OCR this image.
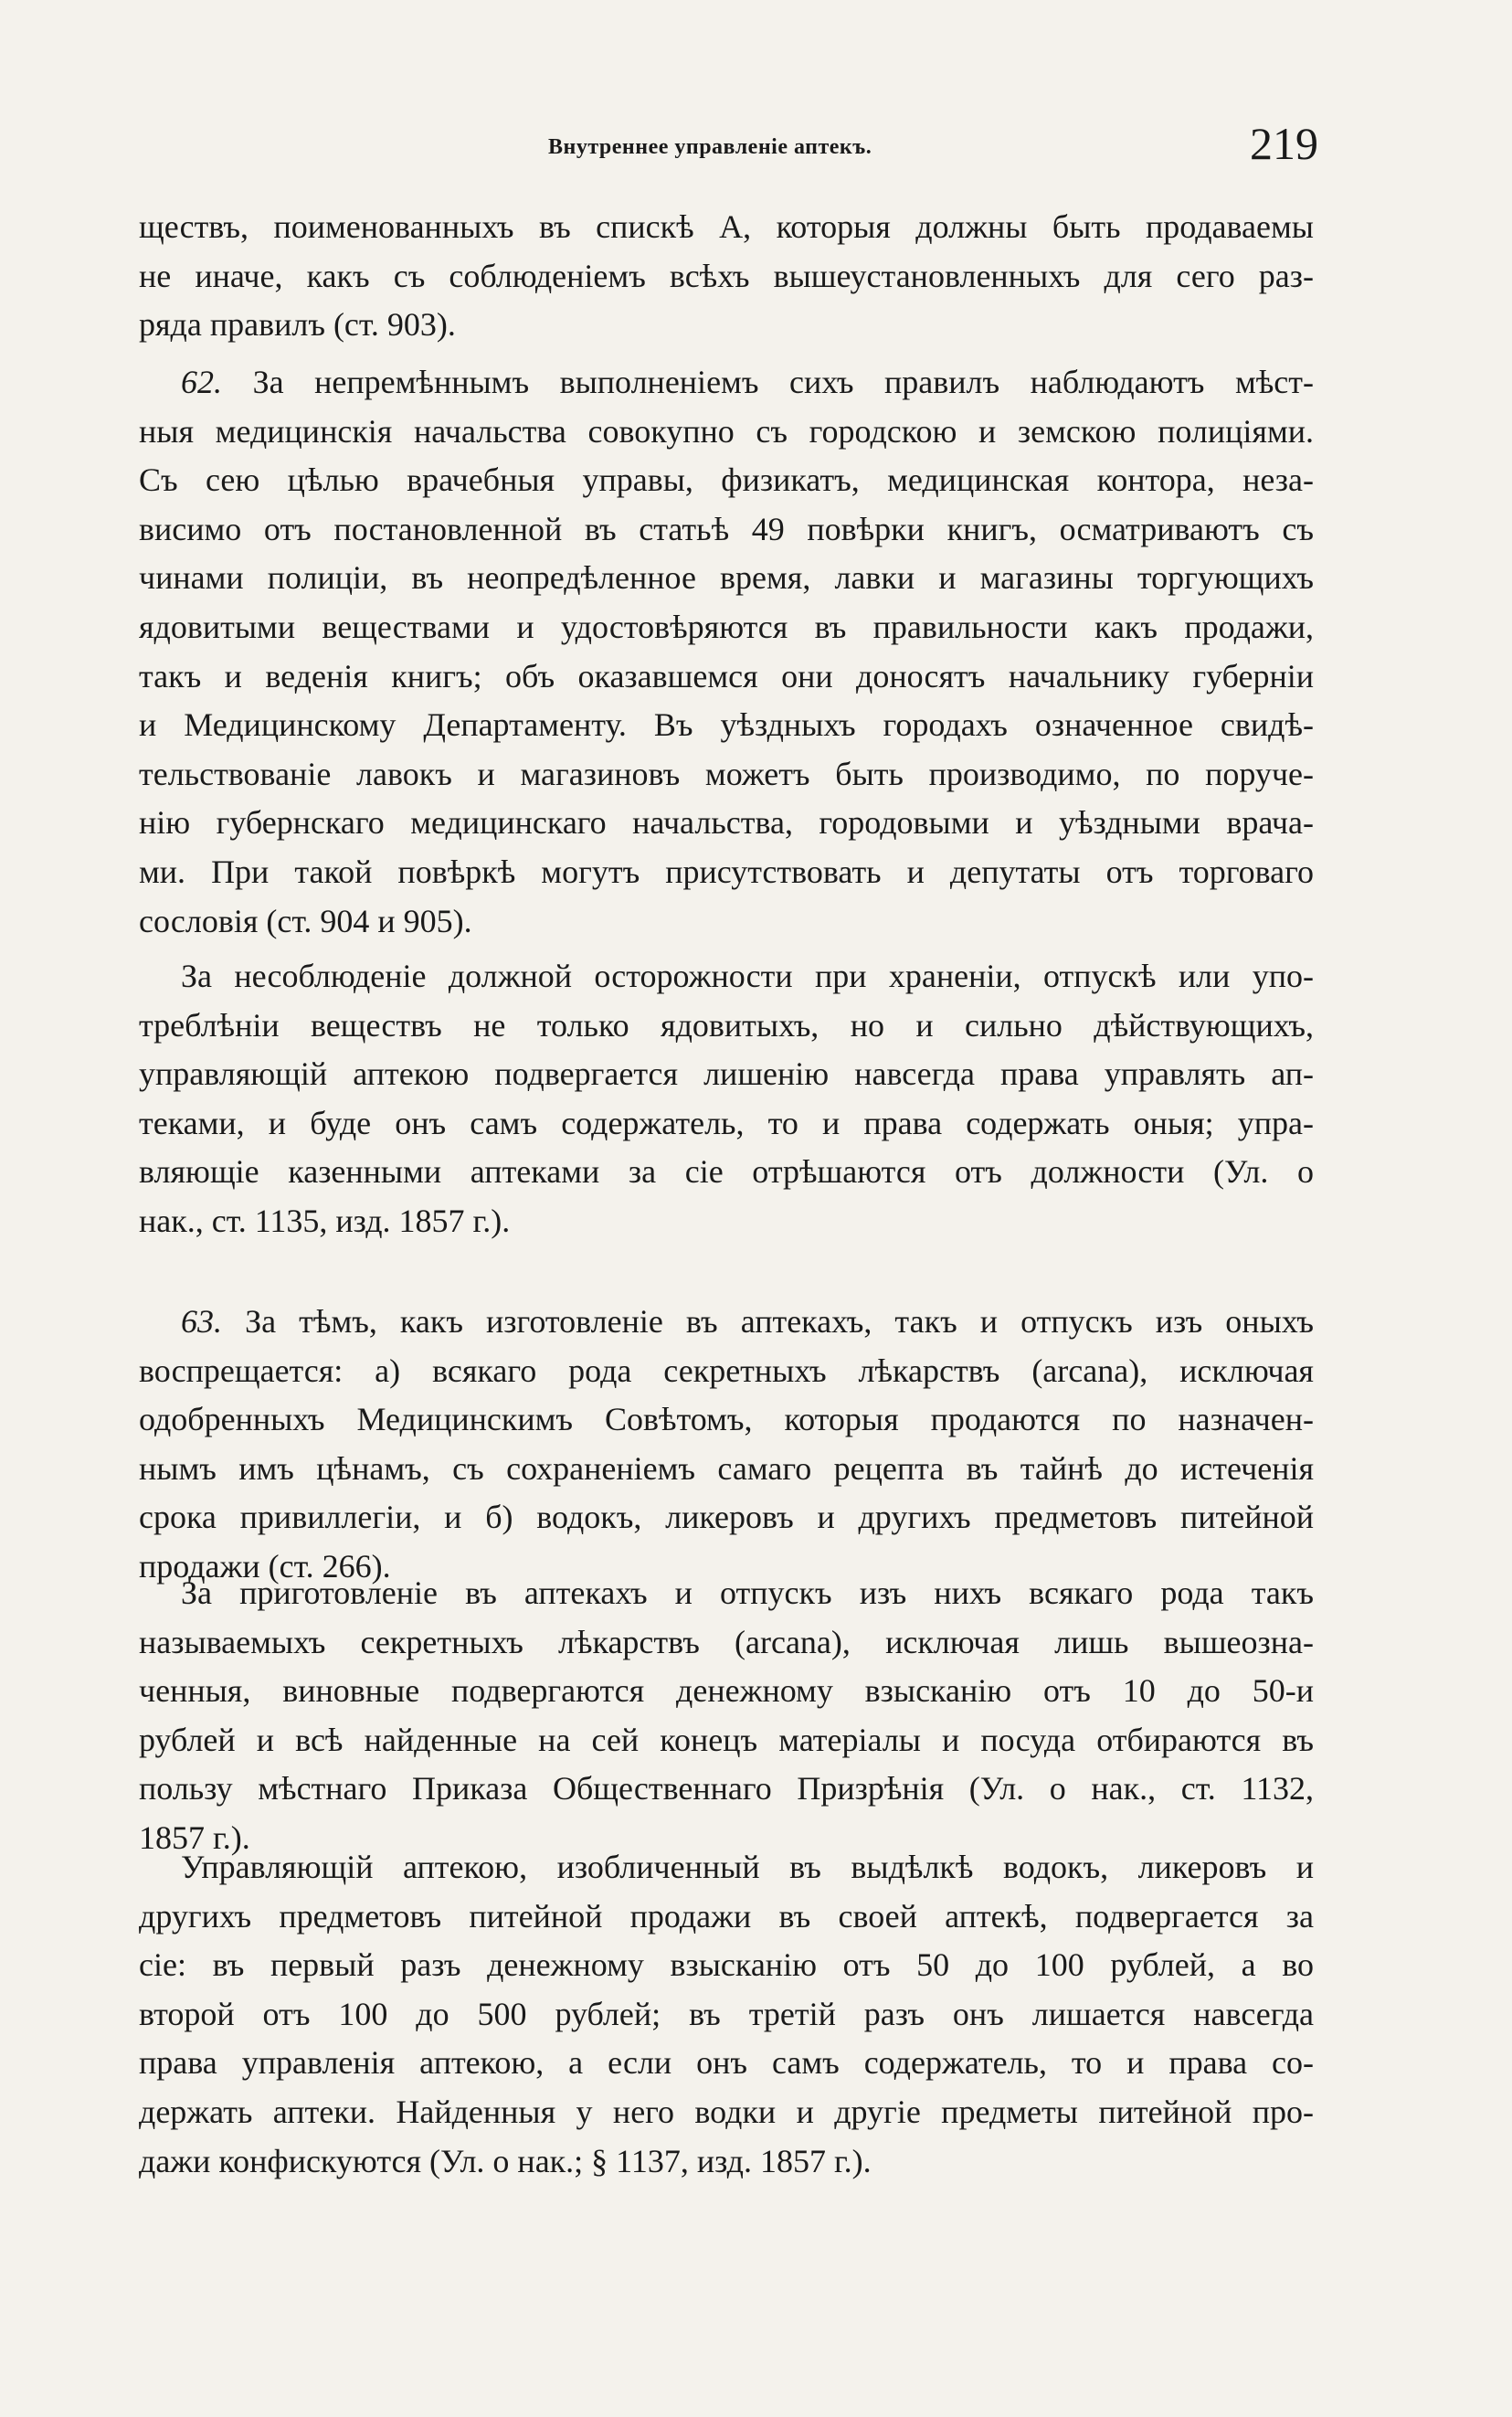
Внутреннее управленіе аптекъ.	219
ществъ, поименованныхъ въ спискѣ А, которыя должны быть продаваемы
не иначе, какъ съ соблюденіемъ всѣхъ вышеустановленныхъ для сего раз-
ряда правилъ (ст. 903).
62. За непремѣннымъ выполненіемъ сихъ правилъ наблюдаютъ мѣст-
ныя медицинскія начальства совокупно съ городскою и земскою полиціями.
Съ сею цѣлью врачебныя управы, физикатъ, медицинская контора, неза-
висимо отъ постановленной въ статьѣ 49 повѣрки книгъ, осматриваютъ съ
чинами полиціи, въ неопредѣленное время, лавки и магазины торгующихъ
ядовитыми веществами и удостовѣряются въ правильности какъ продажи,
такъ и веденія книгъ; объ оказавшемся они доносятъ начальнику губерніи
и Медицинскому Департаменту. Въ уѣздныхъ городахъ означенное свидѣ-
тельствованіе лавокъ и магазиновъ можетъ быть производимо, по поруче-
нію губернскаго медицинскаго начальства, городовыми и уѣздными врача-
ми. При такой повѣркѣ могутъ присутствовать и депутаты отъ торговаго
сословія (ст. 904 и 905).
За несоблюденіе должной осторожности при храненіи, отпускѣ или упо-
треблѣніи веществъ не только ядовитыхъ, но и сильно дѣйствующихъ,
управляющій аптекою подвергается лишенію навсегда права управлять ап-
теками, и буде онъ самъ содержатель, то и права содержать оныя; упра-
вляющіе казенными аптеками за сіе отрѣшаются отъ должности (Ул. о
нак., ст. 1135, изд. 1857 г.).
63. За тѣмъ, какъ изготовленіе въ аптекахъ, такъ и отпускъ изъ оныхъ
воспрещается: а) всякаго рода секретныхъ лѣкарствъ (arcana), исключая
одобренныхъ Медицинскимъ Совѣтомъ, которыя продаются по назначен-
нымъ имъ цѣнамъ, съ сохраненіемъ самаго рецепта въ тайнѣ до истеченія
срока привиллегіи, и б) водокъ, ликеровъ и другихъ предметовъ питейной
продажи (ст. 266).
За приготовленіе въ аптекахъ и отпускъ изъ нихъ всякаго рода такъ
называемыхъ секретныхъ лѣкарствъ (arcana), исключая лишь вышеозна-
ченныя, виновные подвергаются денежному взысканію отъ 10 до 50-и
рублей и всѣ найденные на сей конецъ матеріалы и посуда отбираются въ
пользу мѣстнаго Приказа Общественнаго Призрѣнія (Ул. о нак., ст. 1132,
1857 г.).
Управляющій аптекою, изобличенный въ выдѣлкѣ водокъ, ликеровъ и
другихъ предметовъ питейной продажи въ своей аптекѣ, подвергается за
сіе: въ первый разъ денежному взысканію отъ 50 до 100 рублей, а во
второй отъ 100 до 500 рублей; въ третій разъ онъ лишается навсегда
права управленія аптекою, а если онъ самъ содержатель, то и права со-
держать аптеки. Найденныя у него водки и другіе предметы питейной про-
дажи конфискуются (Ул. о нак.; § 1137, изд. 1857 г.).
